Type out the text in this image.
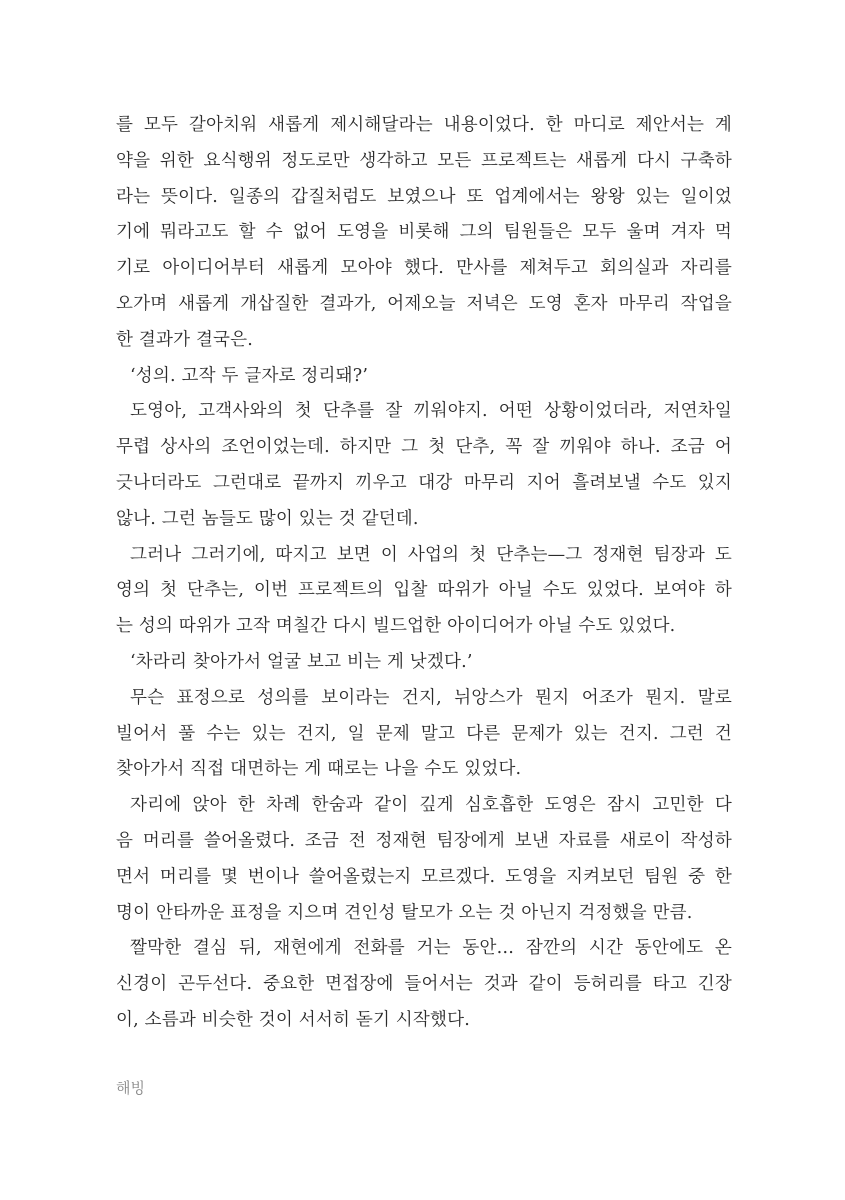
를 모두 갈아치워 새롭게 제시해달라는 내용이었다. 한 마디로 제안서는 계
약을 위한 요식행위 정도로만 생각하고 모든 프로젝트는 새롭게 다시 구축하
라는 뜻이다. 일종의 갑질처럼도 보였으나 또 업계에서는 왕왕 있는 일이었
기에 뭐라고도 할 수 없어 도영을 비롯해 그의 팀원들은 모두 울며 겨자 먹
기로 아이디어부터 새롭게 모아야 했다. 만사를 제쳐두고 회의실과 자리를
오가며 새롭게 개삽질한 결과가, 어제오늘 저녁은 도영 혼자 마무리 작업을
한 결과가 결국은.
‘성의. 고작 두 글자로 정리돼?’
도영아, 고객사와의 첫 단추를 잘 끼워야지. 어떤 상황이었더라, 저연차일
무렵 상사의 조언이었는데. 하지만 그 첫 단추, 꼭 잘 끼워야 하나. 조금 어
긋나더라도 그런대로 끝까지 끼우고 대강 마무리 지어 흘려보낼 수도 있지
않나. 그런 놈들도 많이 있는 것 같던데.
그러나 그러기에, 따지고 보면 이 사업의 첫 단추는—그 정재현 팀장과 도
영의 첫 단추는, 이번 프로젝트의 입찰 따위가 아닐 수도 있었다. 보여야 하
는 성의 따위가 고작 며칠간 다시 빌드업한 아이디어가 아닐 수도 있었다.
‘차라리 찾아가서 얼굴 보고 비는 게 낫겠다.’
무슨 표정으로 성의를 보이라는 건지, 뉘앙스가 뭔지 어조가 뭔지. 말로
빌어서 풀 수는 있는 건지, 일 문제 말고 다른 문제가 있는 건지. 그런 건
찾아가서 직접 대면하는 게 때로는 나을 수도 있었다.
자리에 앉아 한 차례 한숨과 같이 깊게 심호흡한 도영은 잠시 고민한 다
음 머리를 쓸어올렸다. 조금 전 정재현 팀장에게 보낸 자료를 새로이 작성하
면서 머리를 몇 번이나 쓸어올렸는지 모르겠다. 도영을 지켜보던 팀원 중 한
명이 안타까운 표정을 지으며 견인성 탈모가 오는 것 아닌지 걱정했을 만큼.
짤막한 결심 뒤, 재현에게 전화를 거는 동안… 잠깐의 시간 동안에도 온
신경이 곤두선다. 중요한 면접장에 들어서는 것과 같이 등허리를 타고 긴장
이, 소름과 비슷한 것이 서서히 돋기 시작했다.
해빙
